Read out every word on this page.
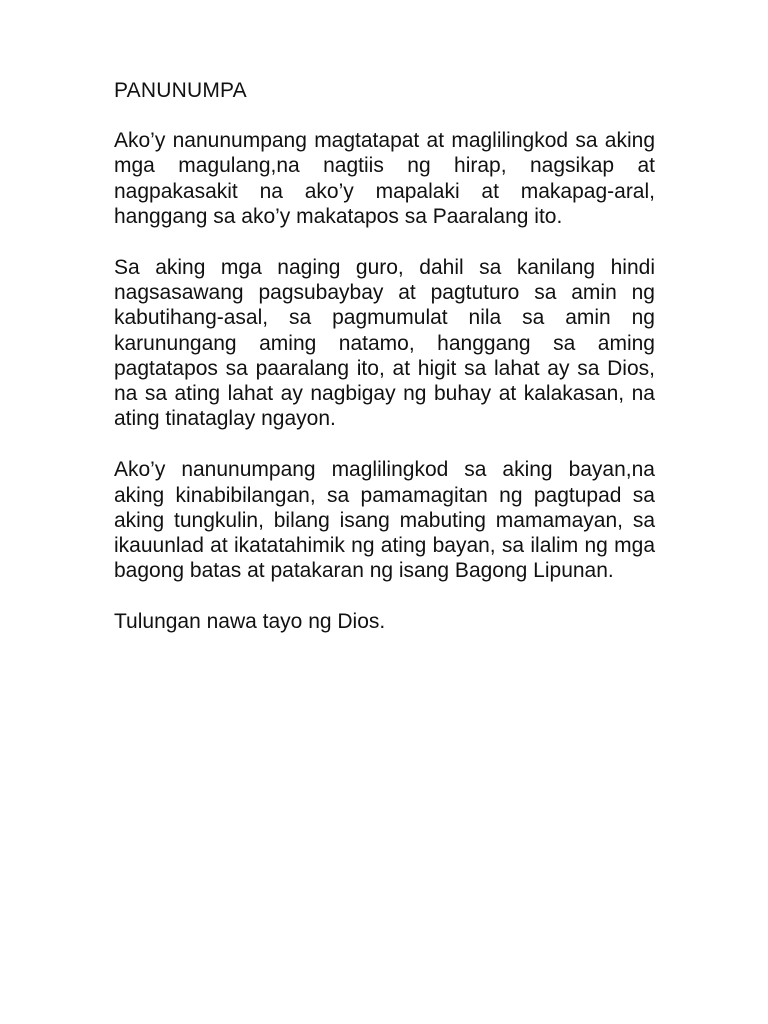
PANUNUMPA

Ako’y nanunumpang magtatapat at maglilingkod sa aking mga magulang,na nagtiis ng hirap, nagsikap at nagpakasakit na ako’y mapalaki at makapag-aral, hanggang sa ako’y makatapos sa Paaralang ito.

Sa aking mga naging guro, dahil sa kanilang hindi nagsasawang pagsubaybay at pagtuturo sa amin ng kabutihang-asal, sa pagmumulat nila sa amin ng karunungang aming natamo, hanggang sa aming pagtatapos sa paaralang ito, at higit sa lahat ay sa Dios, na sa ating lahat ay nagbigay ng buhay at kalakasan, na ating tinataglay ngayon.

Ako’y nanunumpang maglilingkod sa aking bayan,na aking kinabibilangan, sa pamamagitan ng pagtupad sa aking tungkulin, bilang isang mabuting mamamayan, sa ikauunlad at ikatatahimik ng ating bayan, sa ilalim ng mga bagong batas at patakaran ng isang Bagong Lipunan.

Tulungan nawa tayo ng Dios.
